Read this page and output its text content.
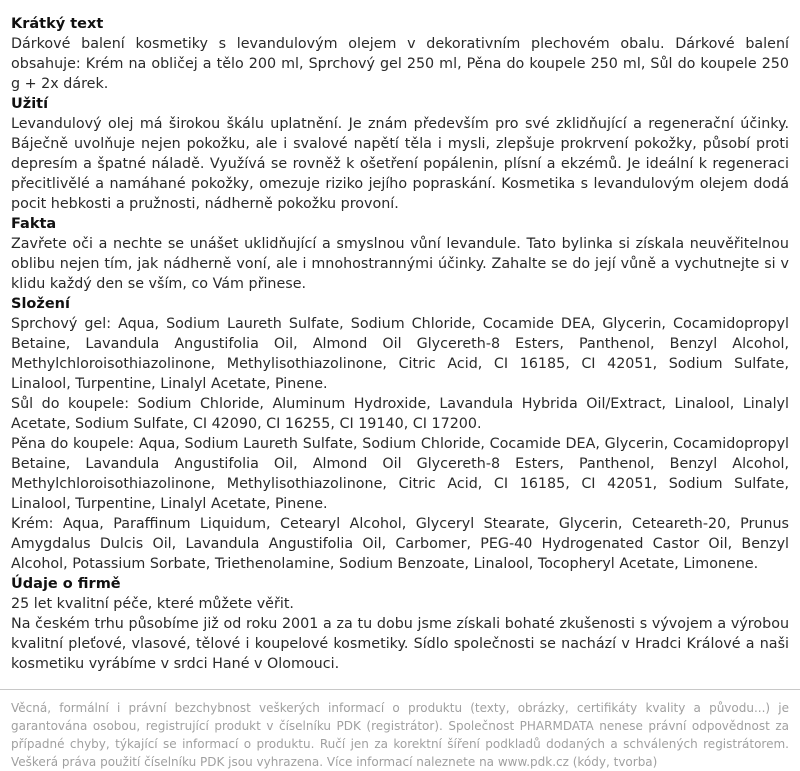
Krátký text

Dárkové balení kosmetiky s levandulovým olejem v dekorativním plechovém obalu. Dárkové balení obsahuje: Krém na obličej a tělo 200 ml, Sprchový gel 250 ml, Pěna do koupele 250 ml, Sůl do koupele 250 g + 2x dárek.

Užití

Levandulový olej má širokou škálu uplatnění. Je znám především pro své zklidňující a regenerační účinky. Báječně uvolňuje nejen pokožku, ale i svalové napětí těla i mysli, zlepšuje prokrvení pokožky, působí proti depresím a špatné náladě. Využívá se rovněž k ošetření popálenin, plísní a ekzémů. Je ideální k regeneraci přecitlivělé a namáhané pokožky, omezuje riziko jejího popraskání. Kosmetika s levandulovým olejem dodá pocit hebkosti a pružnosti, nádherně pokožku provoní.

Fakta

Zavřete oči a nechte se unášet uklidňující a smyslnou vůní levandule. Tato bylinka si získala neuvěřitelnou oblibu nejen tím, jak nádherně voní, ale i mnohostrannými účinky. Zahalte se do její vůně a vychutnejte si v klidu každý den se vším, co Vám přinese.

Složení

Sprchový gel: Aqua, Sodium Laureth Sulfate, Sodium Chloride, Cocamide DEA, Glycerin, Cocamidopropyl Betaine, Lavandula Angustifolia Oil, Almond Oil Glycereth-8 Esters, Panthenol, Benzyl Alcohol, Methylchloroisothiazolinone, Methylisothiazolinone, Citric Acid, CI 16185, CI 42051, Sodium Sulfate, Linalool, Turpentine, Linalyl Acetate, Pinene.

Sůl do koupele: Sodium Chloride, Aluminum Hydroxide, Lavandula Hybrida Oil/Extract, Linalool, Linalyl Acetate, Sodium Sulfate, CI 42090, CI 16255, CI 19140, CI 17200.

Pěna do koupele: Aqua, Sodium Laureth Sulfate, Sodium Chloride, Cocamide DEA, Glycerin, Cocamidopropyl Betaine, Lavandula Angustifolia Oil, Almond Oil Glycereth-8 Esters, Panthenol, Benzyl Alcohol, Methylchloroisothiazolinone, Methylisothiazolinone, Citric Acid, CI 16185, CI 42051, Sodium Sulfate, Linalool, Turpentine, Linalyl Acetate, Pinene.

Krém: Aqua, Paraffinum Liquidum, Cetearyl Alcohol, Glyceryl Stearate, Glycerin, Ceteareth-20, Prunus Amygdalus Dulcis Oil, Lavandula Angustifolia Oil, Carbomer, PEG-40 Hydrogenated Castor Oil, Benzyl Alcohol, Potassium Sorbate, Triethenolamine, Sodium Benzoate, Linalool, Tocopheryl Acetate, Limonene.

Údaje o firmě

25 let kvalitní péče, které můžete věřit.

Na českém trhu působíme již od roku 2001 a za tu dobu jsme získali bohaté zkušenosti s vývojem a výrobou kvalitní pleťové, vlasové, tělové i koupelové kosmetiky. Sídlo společnosti se nachází v Hradci Králové a naši kosmetiku vyrábíme v srdci Hané v Olomouci.

Věcná, formální i právní bezchybnost veškerých informací o produktu (texty, obrázky, certifikáty kvality a původu...) je garantována osobou, registrující produkt v číselníku PDK (registrátor). Společnost PHARMDATA nenese právní odpovědnost za případné chyby, týkající se informací o produktu. Ručí jen za korektní šíření podkladů dodaných a schválených registrátorem. Veškerá práva použití číselníku PDK jsou vyhrazena. Více informací naleznete na www.pdk.cz (kódy, tvorba)
